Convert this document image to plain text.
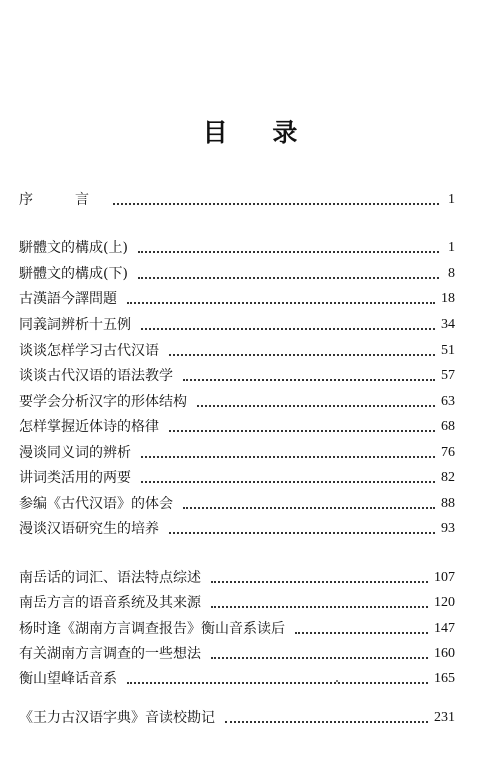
目 录
序　言	1
駢體文的構成(上)	1
駢體文的構成(下)	8
古漢語今譯問題	18
同義詞辨析十五例	34
谈谈怎样学习古代汉语	51
谈谈古代汉语的语法教学	57
要学会分析汉字的形体结构	63
怎样掌握近体诗的格律	68
漫谈同义词的辨析	76
讲词类活用的两要	82
参编《古代汉语》的体会	88
漫谈汉语研究生的培养	93
南岳话的词汇、语法特点综述	107
南岳方言的语音系统及其来源	120
杨时逢《湖南方言调查报告》衡山音系读后	147
有关湖南方言调查的一些想法	160
衡山望峰话音系	165
《王力古汉语字典》音读校勘记	231
